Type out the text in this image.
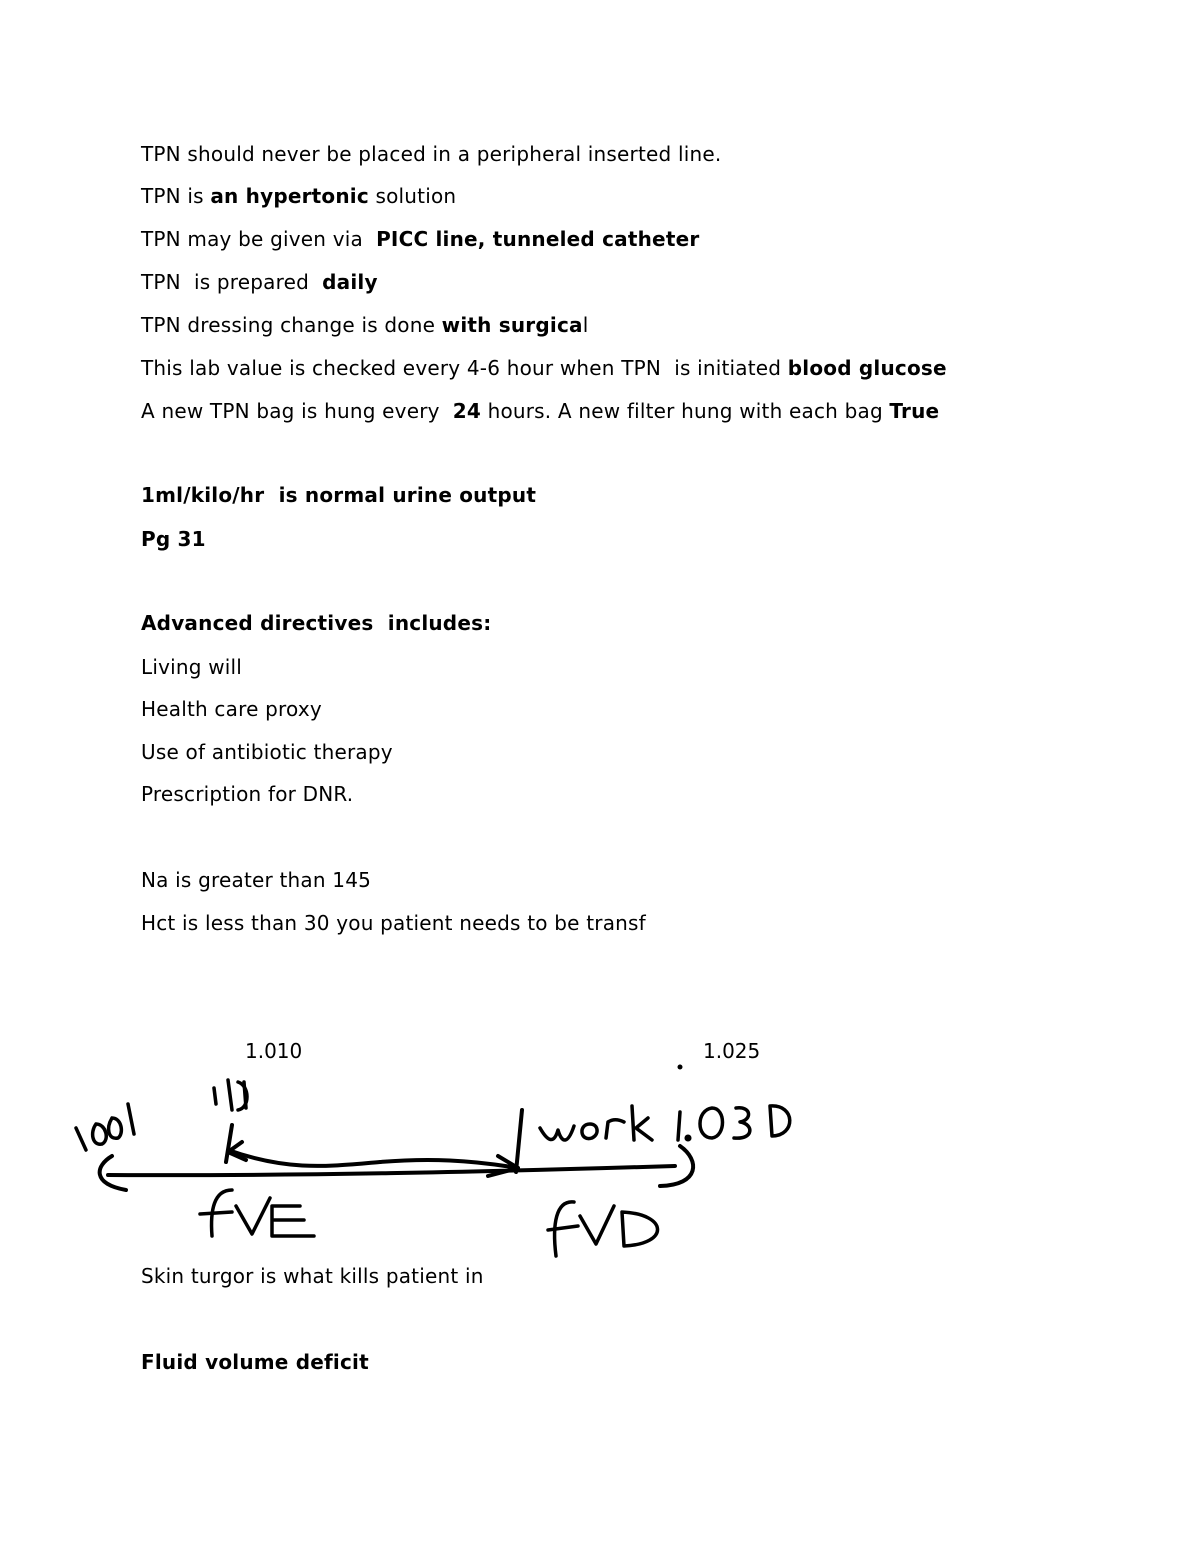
TPN should never be placed in a peripheral inserted line.
TPN is an hypertonic solution
TPN may be given via  PICC line, tunneled catheter
TPN  is prepared  daily
TPN dressing change is done with surgical
This lab value is checked every 4-6 hour when TPN  is initiated blood glucose
A new TPN bag is hung every  24 hours. A new filter hung with each bag True
1ml/kilo/hr  is normal urine output
Pg 31
Advanced directives  includes:
Living will
Health care proxy
Use of antibiotic therapy
Prescription for DNR.
Na is greater than 145
Hct is less than 30 you patient needs to be transf
1.010	1.025
Skin turgor is what kills patient in
Fluid volume deficit
